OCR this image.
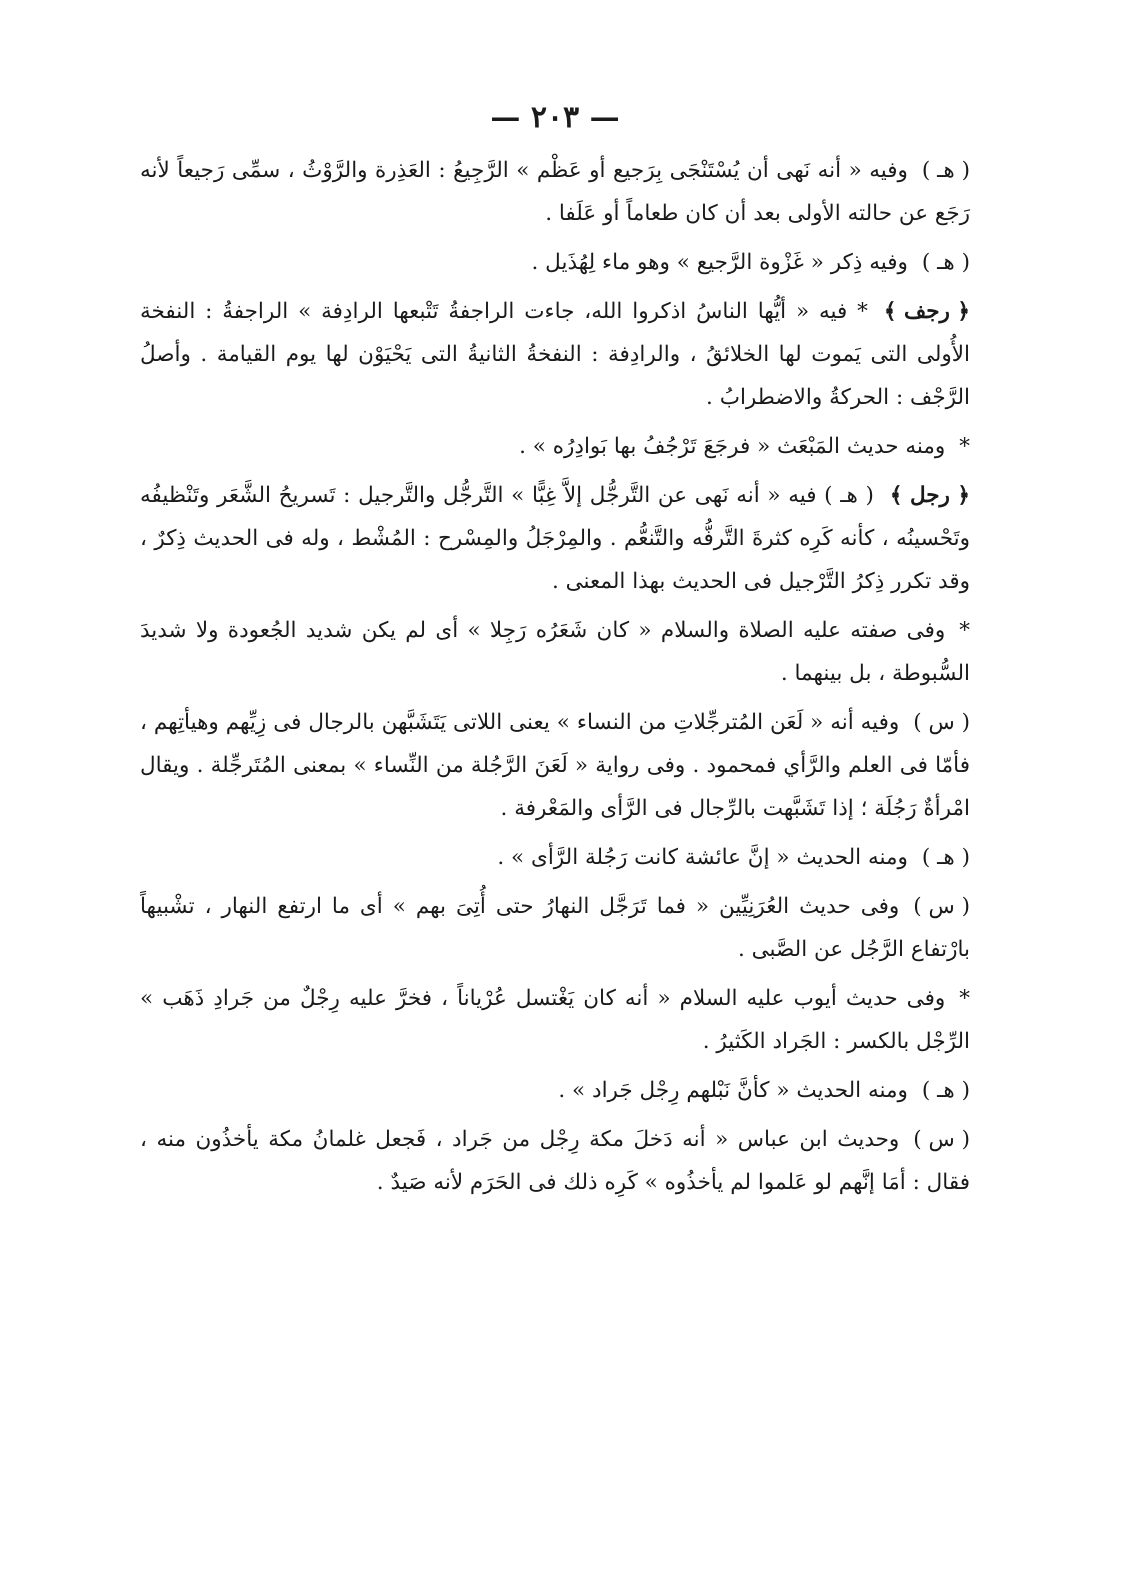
— ٢٠٣ —
( هـ )وفيه « أنه نَهى أن يُسْتَنْجَى بِرَجيع أو عَظْم » الرَّجِيعُ : العَذِرة والرَّوْثُ ، سمِّى رَجيعاً لأنه رَجَع عن حالته الأولى بعد أن كان طعاماً أو عَلَفا .
( هـ )وفيه ذِكر « غَزْوة الرَّجيع » وهو ماء لِهُذَيل .
﴿ رجف ﴾* فيه « أيُّها الناسُ اذكروا الله، جاءت الراجفةُ تَتْبعها الرادِفة » الراجفةُ : النفخة الأُولى التى يَموت لها الخلائقُ ، والرادِفة : النفخةُ الثانيةُ التى يَحْيَوْن لها يوم القيامة . وأصلُ الرَّجْف : الحركةُ والاضطرابُ .
*ومنه حديث المَبْعَث « فرجَعَ تَرْجُفُ بها بَوادِرُه » .
﴿ رجل ﴾( هـ ) فيه « أنه نَهى عن التَّرجُّل إلاَّ غِبًّا » التَّرجُّل والتَّرجيل : تَسريحُ الشَّعَر وتَنْظيفُه وتَحْسينُه ، كأنه كَرِه كثرةَ التَّرفُّه والتَّنعُّم . والمِرْجَلُ والمِسْرح : المُشْط ، وله فى الحديث ذِكرٌ ، وقد تكرر ذِكرُ التَّرْجيل فى الحديث بهذا المعنى .
*وفى صفته عليه الصلاة والسلام « كان شَعَرُه رَجِلا » أى لم يكن شديد الجُعودة ولا شديدَ السُّبوطة ، بل بينهما .
( س )وفيه أنه « لَعَن المُترجِّلاتِ من النساء » يعنى اللاتى يَتَشَبَّهن بالرجال فى زِيِّهم وهيأتِهم ، فأمّا فى العلم والرَّأي فمحمود . وفى رواية « لَعَنَ الرَّجُلة من النِّساء » بمعنى المُتَرجِّلة . ويقال امْرأةٌ رَجُلَة ؛ إذا تَشَبَّهت بالرِّجال فى الرَّأى والمَعْرفة .
( هـ )ومنه الحديث « إنَّ عائشة كانت رَجُلة الرَّأى » .
( س )وفى حديث العُرَنِيِّين « فما تَرَجَّل النهارُ حتى أُتِىَ بهم » أى ما ارتفع النهار ، تشْبيهاً بارْتفاع الرَّجُل عن الصَّبى .
*وفى حديث أيوب عليه السلام « أنه كان يَغْتسل عُرْياناً ، فخرَّ عليه رِجْلٌ من جَرادِ ذَهَب » الرِّجْل بالكسر : الجَراد الكَثيرُ .
( هـ )ومنه الحديث « كأنَّ نَبْلهم رِجْل جَراد » .
( س )وحديث ابن عباس « أنه دَخلَ مكة رِجْل من جَراد ، فَجعل غلمانُ مكة يأخذُون منه ، فقال : أمَا إنَّهم لو عَلموا لم يأخذُوه » كَرِه ذلك فى الحَرَم لأنه صَيدٌ .
